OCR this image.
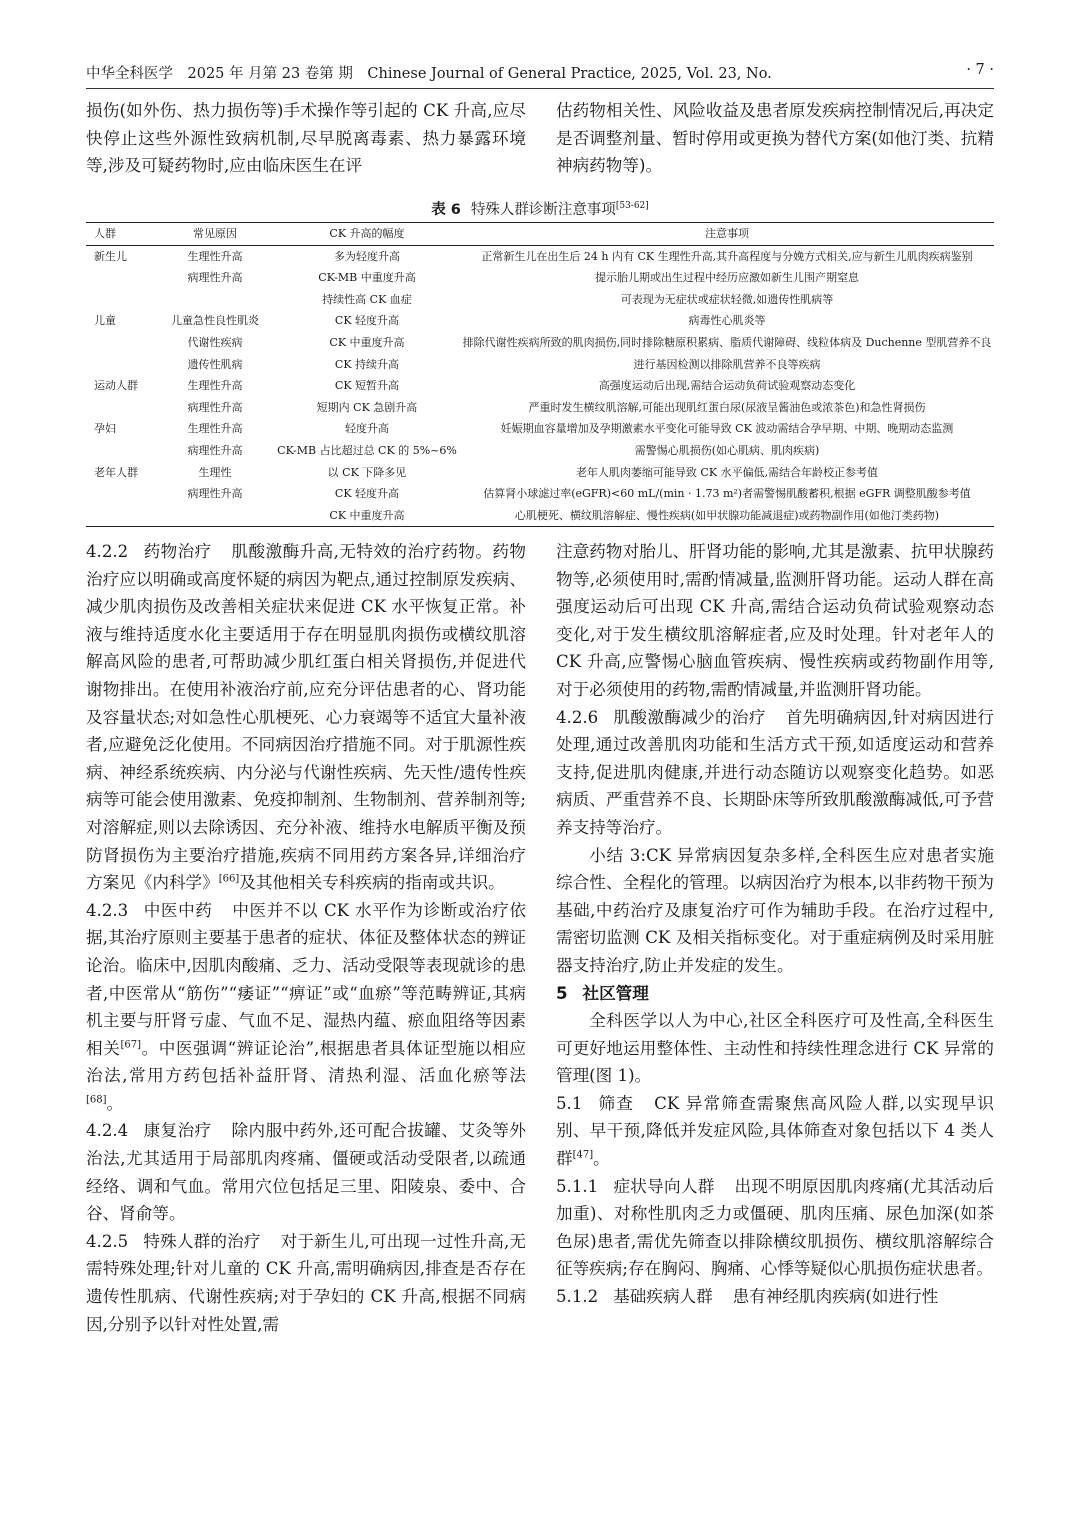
中华全科医学　2025 年 月第 23 卷第 期　Chinese Journal of General Practice, 2025, Vol. 23, No.	· 7 ·

损伤(如外伤、热力损伤等)手术操作等引起的 CK 升高,应尽快停止这些外源性致病机制,尽早脱离毒素、热力暴露环境等,涉及可疑药物时,应由临床医生在评

估药物相关性、风险收益及患者原发疾病控制情况后,再决定是否调整剂量、暂时停用或更换为替代方案(如他汀类、抗精神病药物等)。

表 6 特殊人群诊断注意事项[53-62]
人群	常见原因	CK 升高的幅度	注意事项
新生儿	生理性升高	多为轻度升高	正常新生儿在出生后 24 h 内有 CK 生理性升高,其升高程度与分娩方式相关,应与新生儿肌肉疾病鉴别
	病理性升高	CK-MB 中重度升高	提示胎儿期或出生过程中经历应激如新生儿围产期窒息
		持续性高 CK 血症	可表现为无症状或症状轻微,如遗传性肌病等
儿童	儿童急性良性肌炎	CK 轻度升高	病毒性心肌炎等
	代谢性疾病	CK 中重度升高	排除代谢性疾病所致的肌肉损伤,同时排除糖原积累病、脂质代谢障碍、线粒体病及 Duchenne 型肌营养不良
	遗传性肌病	CK 持续升高	进行基因检测以排除肌营养不良等疾病
运动人群	生理性升高	CK 短暂升高	高强度运动后出现,需结合运动负荷试验观察动态变化
	病理性升高	短期内 CK 急剧升高	严重时发生横纹肌溶解,可能出现肌红蛋白尿(尿液呈酱油色或浓茶色)和急性肾损伤
孕妇	生理性升高	轻度升高	妊娠期血容量增加及孕期激素水平变化可能导致 CK 波动需结合孕早期、中期、晚期动态监测
	病理性升高	CK-MB 占比超过总 CK 的 5%~6%	需警惕心肌损伤(如心肌病、肌肉疾病)
老年人群	生理性	以 CK 下降多见	老年人肌肉萎缩可能导致 CK 水平偏低,需结合年龄校正参考值
	病理性升高	CK 轻度升高	估算肾小球滤过率(eGFR)<60 mL/(min · 1.73 m²)者需警惕肌酸蓄积,根据 eGFR 调整肌酸参考值
		CK 中重度升高	心肌梗死、横纹肌溶解症、慢性疾病(如甲状腺功能减退症)或药物副作用(如他汀类药物)

4.2.2 药物治疗 肌酸激酶升高,无特效的治疗药物。药物治疗应以明确或高度怀疑的病因为靶点,通过控制原发疾病、减少肌肉损伤及改善相关症状来促进 CK 水平恢复正常。补液与维持适度水化主要适用于存在明显肌肉损伤或横纹肌溶解高风险的患者,可帮助减少肌红蛋白相关肾损伤,并促进代谢物排出。在使用补液治疗前,应充分评估患者的心、肾功能及容量状态;对如急性心肌梗死、心力衰竭等不适宜大量补液者,应避免泛化使用。不同病因治疗措施不同。对于肌源性疾病、神经系统疾病、内分泌与代谢性疾病、先天性/遗传性疾病等可能会使用激素、免疫抑制剂、生物制剂、营养制剂等;对溶解症,则以去除诱因、充分补液、维持水电解质平衡及预防肾损伤为主要治疗措施,疾病不同用药方案各异,详细治疗方案见《内科学》[66]及其他相关专科疾病的指南或共识。

4.2.3 中医中药 中医并不以 CK 水平作为诊断或治疗依据,其治疗原则主要基于患者的症状、体征及整体状态的辨证论治。临床中,因肌肉酸痛、乏力、活动受限等表现就诊的患者,中医常从“筋伤”“痿证”“痹证”或“血瘀”等范畴辨证,其病机主要与肝肾亏虚、气血不足、湿热内蕴、瘀血阻络等因素相关[67]。中医强调“辨证论治”,根据患者具体证型施以相应治法,常用方药包括补益肝肾、清热利湿、活血化瘀等法[68]。

4.2.4 康复治疗 除内服中药外,还可配合拔罐、艾灸等外治法,尤其适用于局部肌肉疼痛、僵硬或活动受限者,以疏通经络、调和气血。常用穴位包括足三里、阳陵泉、委中、合谷、肾俞等。

4.2.5 特殊人群的治疗 对于新生儿,可出现一过性升高,无需特殊处理;针对儿童的 CK 升高,需明确病因,排查是否存在遗传性肌病、代谢性疾病;对于孕妇的 CK 升高,根据不同病因,分别予以针对性处置,需

注意药物对胎儿、肝肾功能的影响,尤其是激素、抗甲状腺药物等,必须使用时,需酌情减量,监测肝肾功能。运动人群在高强度运动后可出现 CK 升高,需结合运动负荷试验观察动态变化,对于发生横纹肌溶解症者,应及时处理。针对老年人的 CK 升高,应警惕心脑血管疾病、慢性疾病或药物副作用等,对于必须使用的药物,需酌情减量,并监测肝肾功能。

4.2.6 肌酸激酶减少的治疗 首先明确病因,针对病因进行处理,通过改善肌肉功能和生活方式干预,如适度运动和营养支持,促进肌肉健康,并进行动态随访以观察变化趋势。如恶病质、严重营养不良、长期卧床等所致肌酸激酶减低,可予营养支持等治疗。

小结 3:CK 异常病因复杂多样,全科医生应对患者实施综合性、全程化的管理。以病因治疗为根本,以非药物干预为基础,中药治疗及康复治疗可作为辅助手段。在治疗过程中,需密切监测 CK 及相关指标变化。对于重症病例及时采用脏器支持治疗,防止并发症的发生。

5 社区管理

全科医学以人为中心,社区全科医疗可及性高,全科医生可更好地运用整体性、主动性和持续性理念进行 CK 异常的管理(图 1)。

5.1 筛查 CK 异常筛查需聚焦高风险人群,以实现早识别、早干预,降低并发症风险,具体筛查对象包括以下 4 类人群[47]。

5.1.1 症状导向人群 出现不明原因肌肉疼痛(尤其活动后加重)、对称性肌肉乏力或僵硬、肌肉压痛、尿色加深(如茶色尿)患者,需优先筛查以排除横纹肌损伤、横纹肌溶解综合征等疾病;存在胸闷、胸痛、心悸等疑似心肌损伤症状患者。

5.1.2 基础疾病人群 患有神经肌肉疾病(如进行性
